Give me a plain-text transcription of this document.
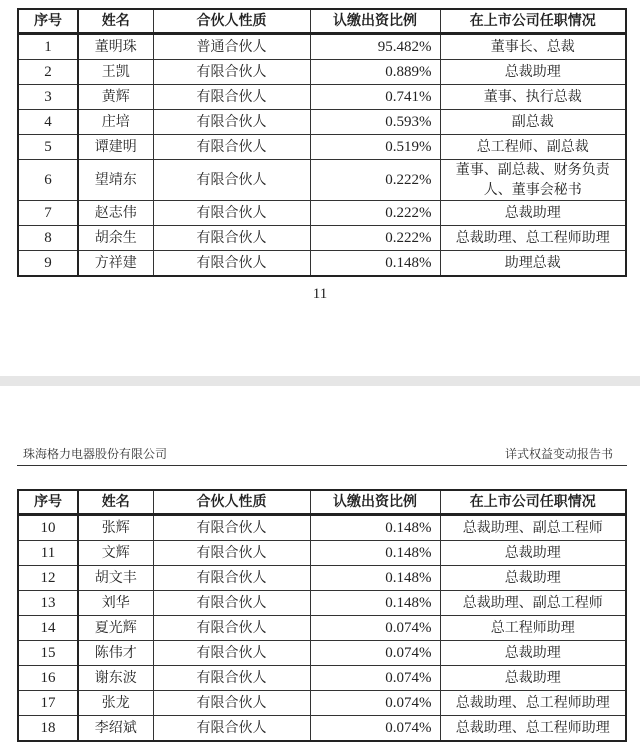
序号	姓名	合伙人性质	认缴出资比例	在上市公司任职情况
1	董明珠	普通合伙人	95.482%	董事长、总裁
2	王凯	有限合伙人	0.889%	总裁助理
3	黄辉	有限合伙人	0.741%	董事、执行总裁
4	庄培	有限合伙人	0.593%	副总裁
5	谭建明	有限合伙人	0.519%	总工程师、副总裁
6	望靖东	有限合伙人	0.222%	董事、副总裁、财务负责人、董事会秘书
7	赵志伟	有限合伙人	0.222%	总裁助理
8	胡余生	有限合伙人	0.222%	总裁助理、总工程师助理
9	方祥建	有限合伙人	0.148%	助理总裁
11
珠海格力电器股份有限公司	详式权益变动报告书
序号	姓名	合伙人性质	认缴出资比例	在上市公司任职情况
10	张辉	有限合伙人	0.148%	总裁助理、副总工程师
11	文辉	有限合伙人	0.148%	总裁助理
12	胡文丰	有限合伙人	0.148%	总裁助理
13	刘华	有限合伙人	0.148%	总裁助理、副总工程师
14	夏光辉	有限合伙人	0.074%	总工程师助理
15	陈伟才	有限合伙人	0.074%	总裁助理
16	谢东波	有限合伙人	0.074%	总裁助理
17	张龙	有限合伙人	0.074%	总裁助理、总工程师助理
18	李绍斌	有限合伙人	0.074%	总裁助理、总工程师助理
